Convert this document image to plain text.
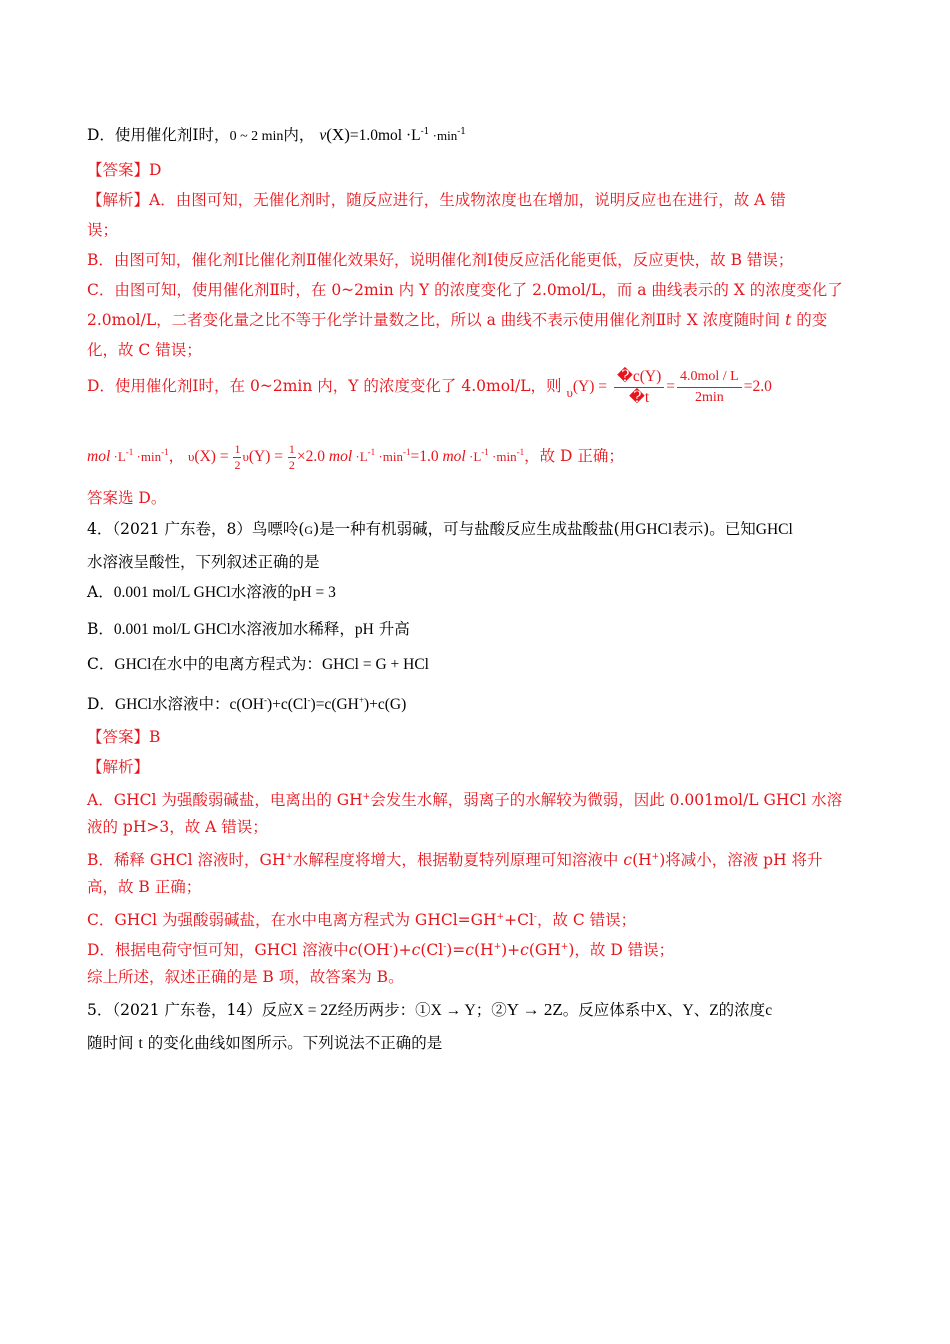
D．使用催化剂Ⅰ时，0 ~ 2 min内， $v(X)=1.0mol \cdot L^{-1} \cdot\min^{-1}$
【答案】D
【解析】A．由图可知，无催化剂时，随反应进行，生成物浓度也在增加，说明反应也在进行，故 A 错
误；
B．由图可知，催化剂Ⅰ比催化剂Ⅱ催化效果好，说明催化剂Ⅰ使反应活化能更低，反应更快，故 B 错误；
C．由图可知，使用催化剂Ⅱ时，在 0~2min 内 Y 的浓度变化了 2.0mol/L，而 a 曲线表示的 X 的浓度变化了
2.0mol/L，二者变化量之比不等于化学计量数之比，所以 a 曲线不表示使用催化剂Ⅱ时 X 浓度随时间 t 的变
化，故 C 错误；
D．使用催化剂Ⅰ时，在 0~2min 内，Y 的浓度变化了 4.0mol/L，则 $_\upsilon(Y) = \frac{�c(Y)}{�t} = \frac{\text{4.0mol / L}}{2\min} =2.0$
mol $\cdot L^{-1} \cdot\min^{-1}$， $\upsilon(X) = \frac{1}{2} \upsilon(Y) = \frac{1}{2} \times 2.0$ mol $\cdot L^{-1} \cdot\min^{-1}=1.0$ mol $\cdot L^{-1} \cdot\min^{-1}$，故 D 正确；
答案选 D。
4．（2021 广东卷，8）鸟嘌呤(G)是一种有机弱碱，可与盐酸反应生成盐酸盐(用GHCl表示)。已知GHCl
水溶液呈酸性，下列叙述正确的是
A．0.001 mol/L GHCl水溶液的pH = 3
B．0.001 mol/L GHCl水溶液加水稀释，pH 升高
C．GHCl在水中的电离方程式为：GHCl = G + HCl
D．GHCl水溶液中：c(OH-)+c(Cl-)=c(GH+)+c(G)
【答案】B
【解析】
A．GHCl 为强酸弱碱盐，电离出的 GH+会发生水解，弱离子的水解较为微弱，因此 0.001mol/L GHCl 水溶
液的 pH>3，故 A 错误；
B．稀释 GHCl 溶液时，GH+水解程度将增大，根据勒夏特列原理可知溶液中 c(H+)将减小，溶液 pH 将升
高，故 B 正确；
C．GHCl 为强酸弱碱盐，在水中电离方程式为 GHCl=GH++Cl-，故 C 错误；
D．根据电荷守恒可知，GHCl 溶液中c(OH-)+c(Cl-)=c(H+)+c(GH+)，故 D 错误；
综上所述，叙述正确的是 B 项，故答案为 B。
5．（2021 广东卷，14）反应X = 2Z经历两步：①X → Y；②Y → 2Z。反应体系中X、Y、Z的浓度c
随时间 t 的变化曲线如图所示。下列说法不正确的是
